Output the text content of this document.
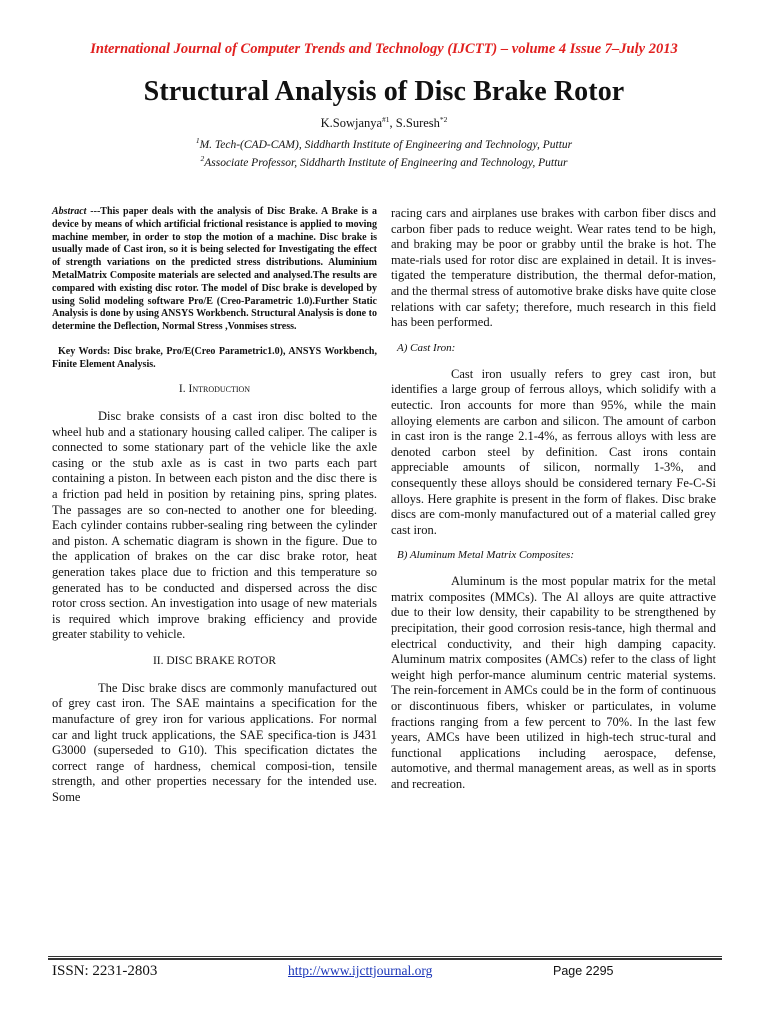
International Journal of Computer Trends and Technology (IJCTT) – volume 4 Issue 7–July 2013
Structural Analysis of Disc Brake Rotor
K.Sowjanya$^{\#1}$, S.Suresh$^{*2}$
$^1$M. Tech-(CAD-CAM), Siddharth Institute of Engineering and Technology, Puttur
$^2$Associate Professor, Siddharth Institute of Engineering and Technology, Puttur

Abstract ---This paper deals with the analysis of Disc Brake. A Brake is a device by means of which artificial frictional resistance is applied to moving machine member, in order to stop the motion of a machine. Disc brake is usually made of Cast iron, so it is being selected for Investigating the effect of strength variations on the predicted stress distributions. Aluminium MetalMatrix Composite materials are selected and analysed.The results are compared with existing disc rotor. The model of Disc brake is developed by using Solid modeling software Pro/E (Creo-Parametric 1.0).Further Static Analysis is done by using ANSYS Workbench. Structural Analysis is done to determine the Deflection, Normal Stress ,Vonmises stress.

Key Words: Disc brake, Pro/E(Creo Parametric1.0), ANSYS Workbench, Finite Element Analysis.

I. Introduction

Disc brake consists of a cast iron disc bolted to the wheel hub and a stationary housing called caliper. The caliper is connected to some stationary part of the vehicle like the axle casing or the stub axle as is cast in two parts each part containing a piston. In between each piston and the disc there is a friction pad held in position by retaining pins, spring plates. The passages are so con-nected to another one for bleeding. Each cylinder contains rubber-sealing ring between the cylinder and piston. A schematic diagram is shown in the figure. Due to the application of brakes on the car disc brake rotor, heat generation takes place due to friction and this temperature so generated has to be conducted and dispersed across the disc rotor cross section. An investigation into usage of new materials is required which improve braking efficiency and provide greater stability to vehicle.

II. DISC BRAKE ROTOR

The Disc brake discs are commonly manufactured out of grey cast iron. The SAE maintains a specification for the manufacture of grey iron for various applications. For normal car and light truck applications, the SAE specifica-tion is J431 G3000 (superseded to G10). This specification dictates the correct range of hardness, chemical composi-tion, tensile strength, and other properties necessary for the intended use. Some

racing cars and airplanes use brakes with carbon fiber discs and carbon fiber pads to reduce weight. Wear rates tend to be high, and braking may be poor or grabby until the brake is hot. The mate-rials used for rotor disc are explained in detail. It is inves-tigated the temperature distribution, the thermal defor-mation, and the thermal stress of automotive brake disks have quite close relations with car safety; therefore, much research in this field has been performed.

A) Cast Iron:

Cast iron usually refers to grey cast iron, but identifies a large group of ferrous alloys, which solidify with a eutectic. Iron accounts for more than 95%, while the main alloying elements are carbon and silicon. The amount of carbon in cast iron is the range 2.1-4%, as ferrous alloys with less are denoted carbon steel by definition. Cast irons contain appreciable amounts of silicon, normally 1-3%, and consequently these alloys should be considered ternary Fe-C-Si alloys. Here graphite is present in the form of flakes. Disc brake discs are com-monly manufactured out of a material called grey cast iron.

B) Aluminum Metal Matrix Composites:

Aluminum is the most popular matrix for the metal matrix composites (MMCs). The Al alloys are quite attractive due to their low density, their capability to be strengthened by precipitation, their good corrosion resis-tance, high thermal and electrical conductivity, and their high damping capacity. Aluminum matrix composites (AMCs) refer to the class of light weight high perfor-mance aluminum centric material systems. The rein-forcement in AMCs could be in the form of continuous or discontinuous fibers, whisker or particulates, in volume fractions ranging from a few percent to 70%. In the last few years, AMCs have been utilized in high-tech struc-tural and functional applications including aerospace, defense, automotive, and thermal management areas, as well as in sports and recreation.

ISSN: 2231-2803	http://www.ijcttjournal.org	Page 2295
